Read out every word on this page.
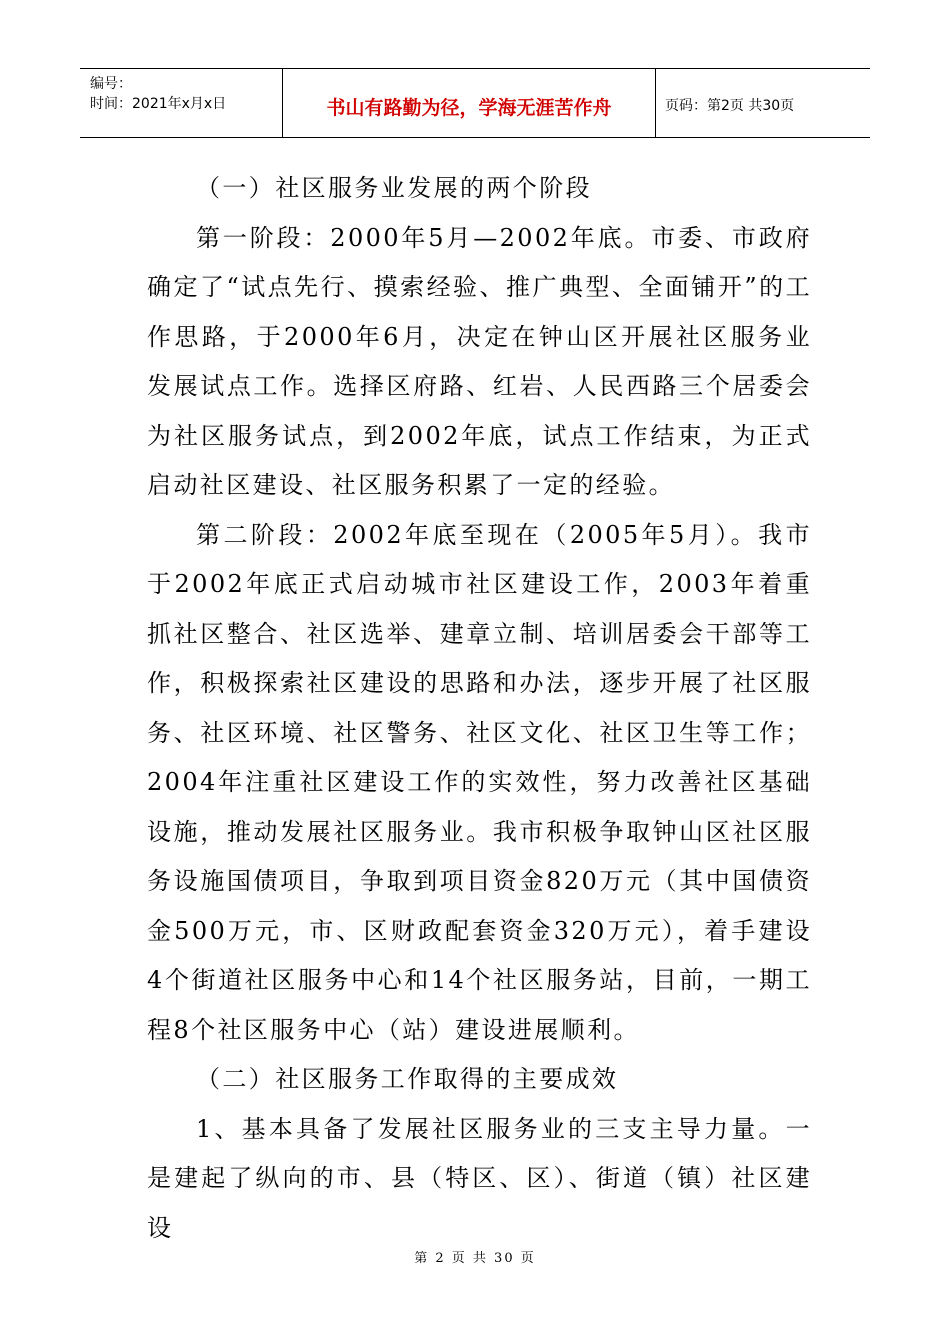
编号：
时间：2021年x月x日	书山有路勤为径，学海无涯苦作舟	页码：第2页 共30页

（一）社区服务业发展的两个阶段

第一阶段：2000年5月—2002年底。市委、市政府确定了“试点先行、摸索经验、推广典型、全面铺开”的工作思路，于2000年6月，决定在钟山区开展社区服务业发展试点工作。选择区府路、红岩、人民西路三个居委会为社区服务试点，到2002年底，试点工作结束，为正式启动社区建设、社区服务积累了一定的经验。

第二阶段：2002年底至现在（2005年5月）。我市于2002年底正式启动城市社区建设工作，2003年着重抓社区整合、社区选举、建章立制、培训居委会干部等工作，积极探索社区建设的思路和办法，逐步开展了社区服务、社区环境、社区警务、社区文化、社区卫生等工作；2004年注重社区建设工作的实效性，努力改善社区基础设施，推动发展社区服务业。我市积极争取钟山区社区服务设施国债项目，争取到项目资金820万元（其中国债资金500万元，市、区财政配套资金320万元），着手建设4个街道社区服务中心和14个社区服务站，目前，一期工程8个社区服务中心（站）建设进展顺利。

（二）社区服务工作取得的主要成效

1、基本具备了发展社区服务业的三支主导力量。一是建起了纵向的市、县（特区、区）、街道（镇）社区建设

第 2 页 共 30 页
